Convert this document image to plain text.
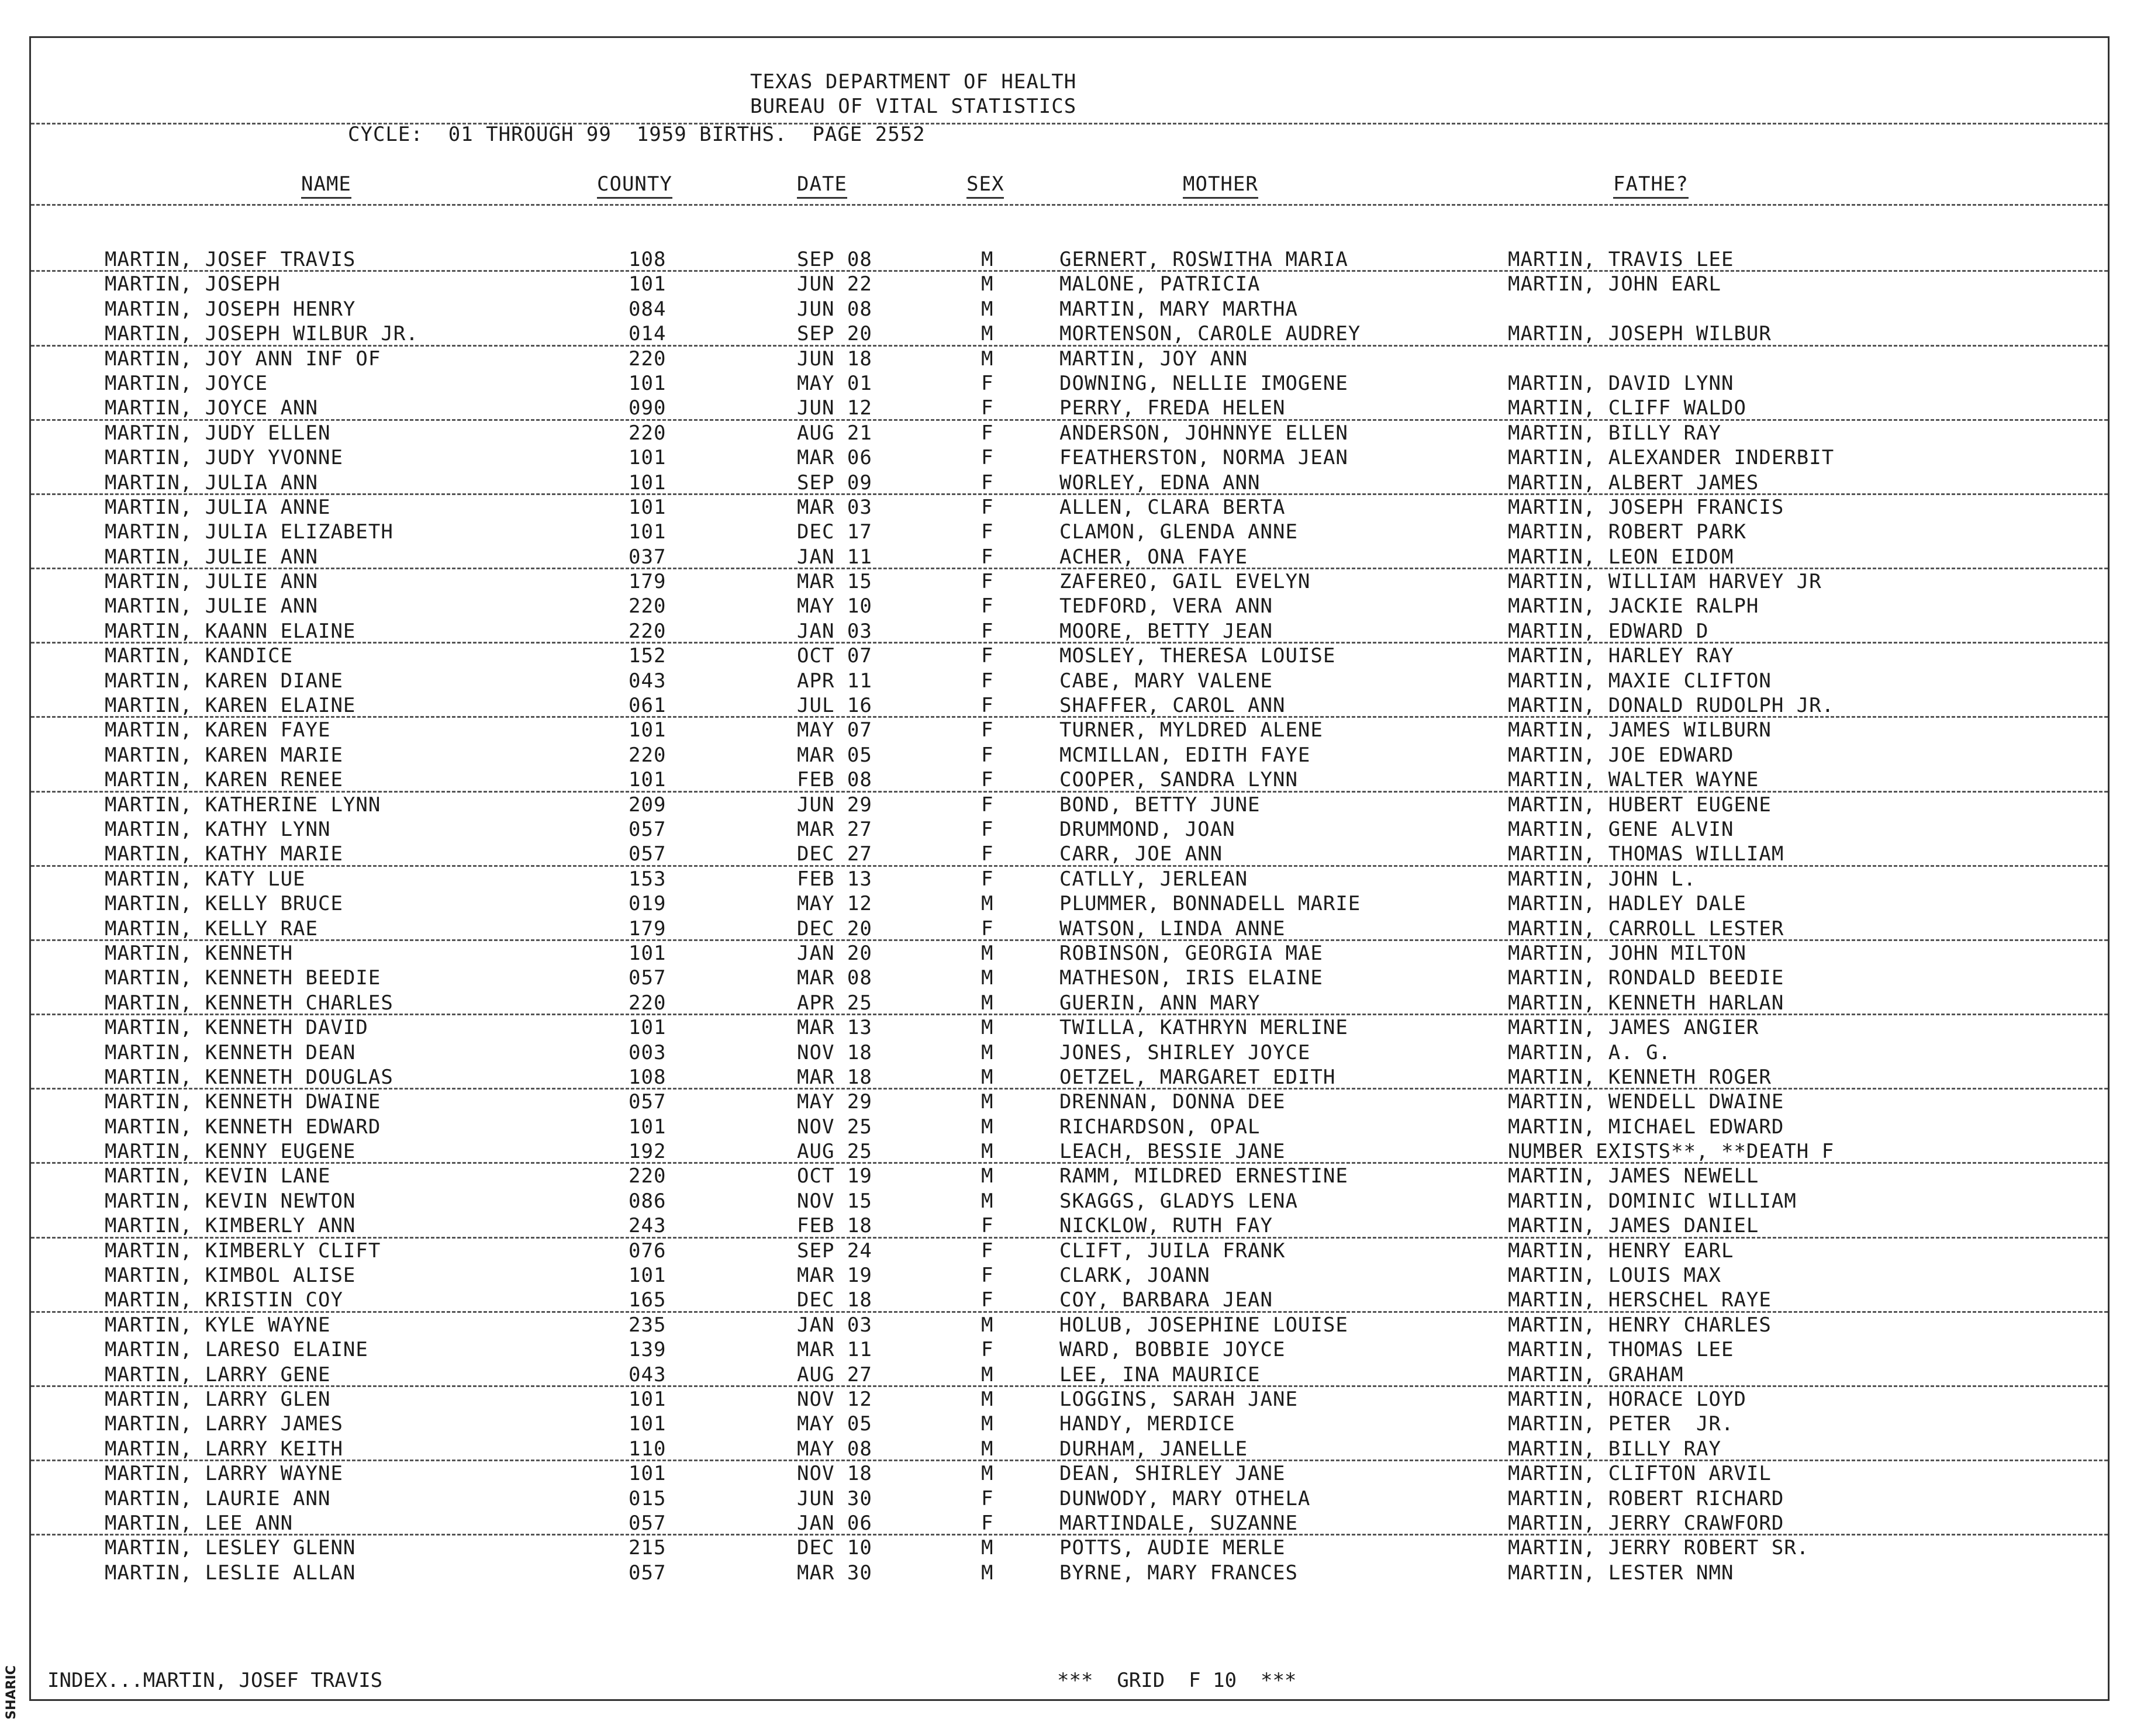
SHARIC
TEXAS DEPARTMENT OF HEALTH
BUREAU OF VITAL STATISTICS
CYCLE:  01 THROUGH 99  1959 BIRTHS.  PAGE 2552
NAME	COUNTY	DATE	SEX	MOTHER	FATHE?
MARTIN, JOSEF TRAVIS	108	SEP 08	M	GERNERT, ROSWITHA MARIA	MARTIN, TRAVIS LEE
MARTIN, JOSEPH	101	JUN 22	M	MALONE, PATRICIA	MARTIN, JOHN EARL
MARTIN, JOSEPH HENRY	084	JUN 08	M	MARTIN, MARY MARTHA
MARTIN, JOSEPH WILBUR JR.	014	SEP 20	M	MORTENSON, CAROLE AUDREY	MARTIN, JOSEPH WILBUR
MARTIN, JOY ANN INF OF	220	JUN 18	M	MARTIN, JOY ANN
MARTIN, JOYCE	101	MAY 01	F	DOWNING, NELLIE IMOGENE	MARTIN, DAVID LYNN
MARTIN, JOYCE ANN	090	JUN 12	F	PERRY, FREDA HELEN	MARTIN, CLIFF WALDO
MARTIN, JUDY ELLEN	220	AUG 21	F	ANDERSON, JOHNNYE ELLEN	MARTIN, BILLY RAY
MARTIN, JUDY YVONNE	101	MAR 06	F	FEATHERSTON, NORMA JEAN	MARTIN, ALEXANDER INDERBIT
MARTIN, JULIA ANN	101	SEP 09	F	WORLEY, EDNA ANN	MARTIN, ALBERT JAMES
MARTIN, JULIA ANNE	101	MAR 03	F	ALLEN, CLARA BERTA	MARTIN, JOSEPH FRANCIS
MARTIN, JULIA ELIZABETH	101	DEC 17	F	CLAMON, GLENDA ANNE	MARTIN, ROBERT PARK
MARTIN, JULIE ANN	037	JAN 11	F	ACHER, ONA FAYE	MARTIN, LEON EIDOM
MARTIN, JULIE ANN	179	MAR 15	F	ZAFEREO, GAIL EVELYN	MARTIN, WILLIAM HARVEY JR
MARTIN, JULIE ANN	220	MAY 10	F	TEDFORD, VERA ANN	MARTIN, JACKIE RALPH
MARTIN, KAANN ELAINE	220	JAN 03	F	MOORE, BETTY JEAN	MARTIN, EDWARD D
MARTIN, KANDICE	152	OCT 07	F	MOSLEY, THERESA LOUISE	MARTIN, HARLEY RAY
MARTIN, KAREN DIANE	043	APR 11	F	CABE, MARY VALENE	MARTIN, MAXIE CLIFTON
MARTIN, KAREN ELAINE	061	JUL 16	F	SHAFFER, CAROL ANN	MARTIN, DONALD RUDOLPH JR.
MARTIN, KAREN FAYE	101	MAY 07	F	TURNER, MYLDRED ALENE	MARTIN, JAMES WILBURN
MARTIN, KAREN MARIE	220	MAR 05	F	MCMILLAN, EDITH FAYE	MARTIN, JOE EDWARD
MARTIN, KAREN RENEE	101	FEB 08	F	COOPER, SANDRA LYNN	MARTIN, WALTER WAYNE
MARTIN, KATHERINE LYNN	209	JUN 29	F	BOND, BETTY JUNE	MARTIN, HUBERT EUGENE
MARTIN, KATHY LYNN	057	MAR 27	F	DRUMMOND, JOAN	MARTIN, GENE ALVIN
MARTIN, KATHY MARIE	057	DEC 27	F	CARR, JOE ANN	MARTIN, THOMAS WILLIAM
MARTIN, KATY LUE	153	FEB 13	F	CATLLY, JERLEAN	MARTIN, JOHN L.
MARTIN, KELLY BRUCE	019	MAY 12	M	PLUMMER, BONNADELL MARIE	MARTIN, HADLEY DALE
MARTIN, KELLY RAE	179	DEC 20	F	WATSON, LINDA ANNE	MARTIN, CARROLL LESTER
MARTIN, KENNETH	101	JAN 20	M	ROBINSON, GEORGIA MAE	MARTIN, JOHN MILTON
MARTIN, KENNETH BEEDIE	057	MAR 08	M	MATHESON, IRIS ELAINE	MARTIN, RONDALD BEEDIE
MARTIN, KENNETH CHARLES	220	APR 25	M	GUERIN, ANN MARY	MARTIN, KENNETH HARLAN
MARTIN, KENNETH DAVID	101	MAR 13	M	TWILLA, KATHRYN MERLINE	MARTIN, JAMES ANGIER
MARTIN, KENNETH DEAN	003	NOV 18	M	JONES, SHIRLEY JOYCE	MARTIN, A. G.
MARTIN, KENNETH DOUGLAS	108	MAR 18	M	OETZEL, MARGARET EDITH	MARTIN, KENNETH ROGER
MARTIN, KENNETH DWAINE	057	MAY 29	M	DRENNAN, DONNA DEE	MARTIN, WENDELL DWAINE
MARTIN, KENNETH EDWARD	101	NOV 25	M	RICHARDSON, OPAL	MARTIN, MICHAEL EDWARD
MARTIN, KENNY EUGENE	192	AUG 25	M	LEACH, BESSIE JANE	NUMBER EXISTS**, **DEATH F
MARTIN, KEVIN LANE	220	OCT 19	M	RAMM, MILDRED ERNESTINE	MARTIN, JAMES NEWELL
MARTIN, KEVIN NEWTON	086	NOV 15	M	SKAGGS, GLADYS LENA	MARTIN, DOMINIC WILLIAM
MARTIN, KIMBERLY ANN	243	FEB 18	F	NICKLOW, RUTH FAY	MARTIN, JAMES DANIEL
MARTIN, KIMBERLY CLIFT	076	SEP 24	F	CLIFT, JUILA FRANK	MARTIN, HENRY EARL
MARTIN, KIMBOL ALISE	101	MAR 19	F	CLARK, JOANN	MARTIN, LOUIS MAX
MARTIN, KRISTIN COY	165	DEC 18	F	COY, BARBARA JEAN	MARTIN, HERSCHEL RAYE
MARTIN, KYLE WAYNE	235	JAN 03	M	HOLUB, JOSEPHINE LOUISE	MARTIN, HENRY CHARLES
MARTIN, LARESO ELAINE	139	MAR 11	F	WARD, BOBBIE JOYCE	MARTIN, THOMAS LEE
MARTIN, LARRY GENE	043	AUG 27	M	LEE, INA MAURICE	MARTIN, GRAHAM
MARTIN, LARRY GLEN	101	NOV 12	M	LOGGINS, SARAH JANE	MARTIN, HORACE LOYD
MARTIN, LARRY JAMES	101	MAY 05	M	HANDY, MERDICE	MARTIN, PETER  JR.
MARTIN, LARRY KEITH	110	MAY 08	M	DURHAM, JANELLE	MARTIN, BILLY RAY
MARTIN, LARRY WAYNE	101	NOV 18	M	DEAN, SHIRLEY JANE	MARTIN, CLIFTON ARVIL
MARTIN, LAURIE ANN	015	JUN 30	F	DUNWODY, MARY OTHELA	MARTIN, ROBERT RICHARD
MARTIN, LEE ANN	057	JAN 06	F	MARTINDALE, SUZANNE	MARTIN, JERRY CRAWFORD
MARTIN, LESLEY GLENN	215	DEC 10	M	POTTS, AUDIE MERLE	MARTIN, JERRY ROBERT SR.
MARTIN, LESLIE ALLAN	057	MAR 30	M	BYRNE, MARY FRANCES	MARTIN, LESTER NMN
INDEX...MARTIN, JOSEF TRAVIS	***  GRID  F 10  ***
